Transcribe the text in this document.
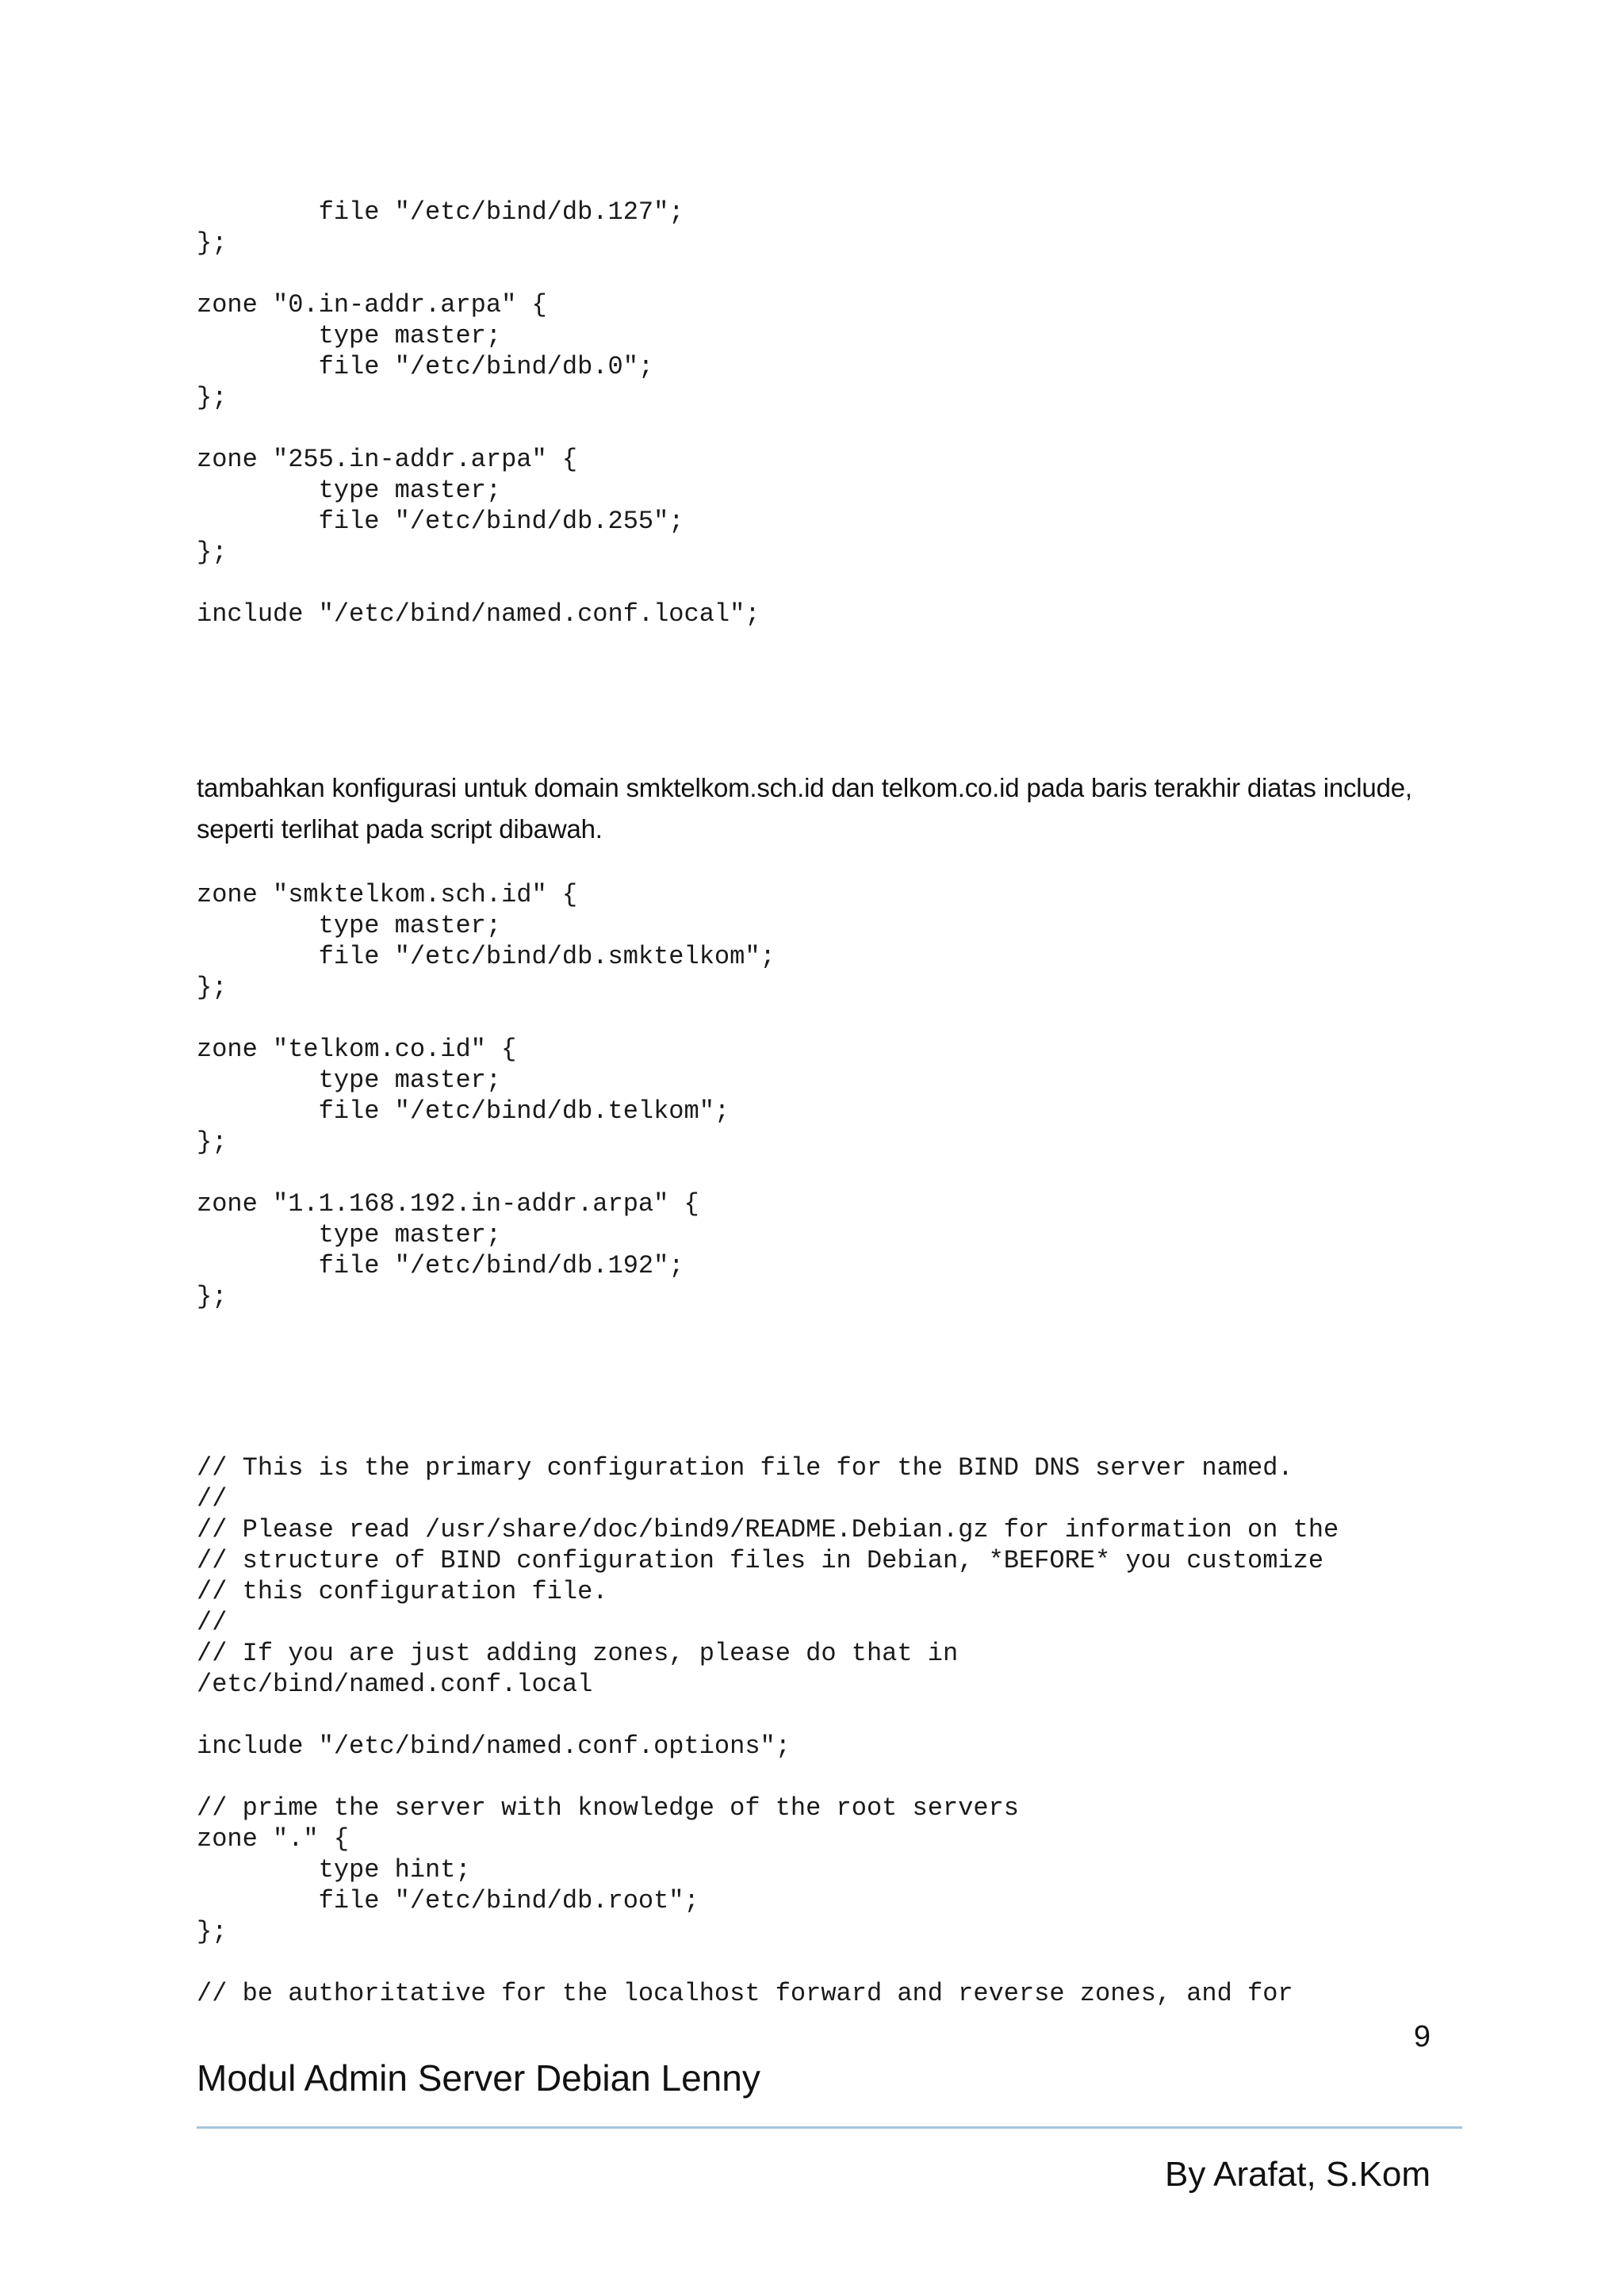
file "/etc/bind/db.127";
};

zone "0.in-addr.arpa" {
type master;
file "/etc/bind/db.0";
};

zone "255.in-addr.arpa" {
type master;
file "/etc/bind/db.255";
};

include "/etc/bind/named.conf.local";
tambahkan konfigurasi untuk domain smktelkom.sch.id dan telkom.co.id pada baris terakhir diatas include, seperti terlihat pada script dibawah.
zone "smktelkom.sch.id" {
type master;
file "/etc/bind/db.smktelkom";
};

zone "telkom.co.id" {
type master;
file "/etc/bind/db.telkom";
};

zone "1.1.168.192.in-addr.arpa" {
type master;
file "/etc/bind/db.192";
};
// This is the primary configuration file for the BIND DNS server named.
//
// Please read /usr/share/doc/bind9/README.Debian.gz for information on the
// structure of BIND configuration files in Debian, *BEFORE* you customize
// this configuration file.
//
// If you are just adding zones, please do that in
/etc/bind/named.conf.local

include "/etc/bind/named.conf.options";

// prime the server with knowledge of the root servers
zone "." {
type hint;
file "/etc/bind/db.root";
};

// be authoritative for the localhost forward and reverse zones, and for
9
Modul Admin Server Debian Lenny
By Arafat, S.Kom
